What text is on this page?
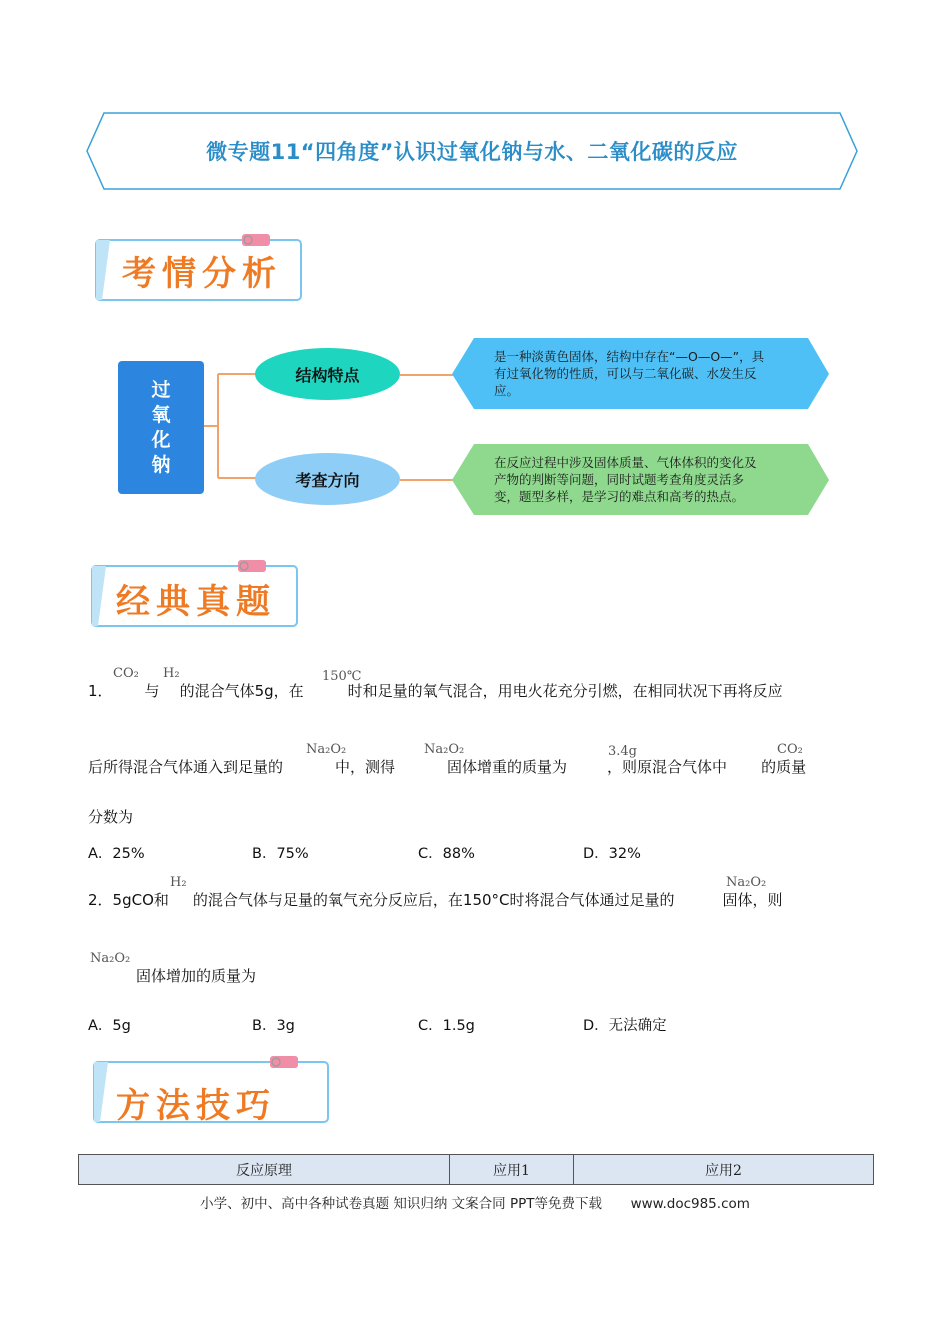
微专题11“四角度”认识过氧化钠与水、二氧化碳的反应
考情分析
过
氧
化
钠
结构特点
是一种淡黄色固体，结构中存在“—O—O—”，具
有过氧化物的性质，可以与二氧化碳、水发生反
应。
考查方向
在反应过程中涉及固体质量、气体体积的变化及
产物的判断等问题，同时试题考查角度灵活多
变，题型多样，是学习的难点和高考的热点。
经典真题
1． 与 的混合气体5g，在	时和足量的氧气混合，用电火花充分引燃，在相同状况下再将反应
CO₂ H₂	150℃
后所得混合气体通入到足量的	中，测得	固体增重的质量为	，则原混合气体中 的质量
Na₂O₂	Na₂O₂	3.4g	CO₂
分数为
A．25%	B．75%	C．88%	D．32%
2．5gCO和 的混合气体与足量的氧气充分反应后，在150°C时将混合气体通过足量的	固体，则
H₂	Na₂O₂
固体增加的质量为
Na₂O₂
A．5g	B．3g	C．1.5g	D．无法确定
方法技巧
反应原理	应用1	应用2
小学、初中、高中各种试卷真题 知识归纳 文案合同 PPT等免费下载 www.doc985.com
